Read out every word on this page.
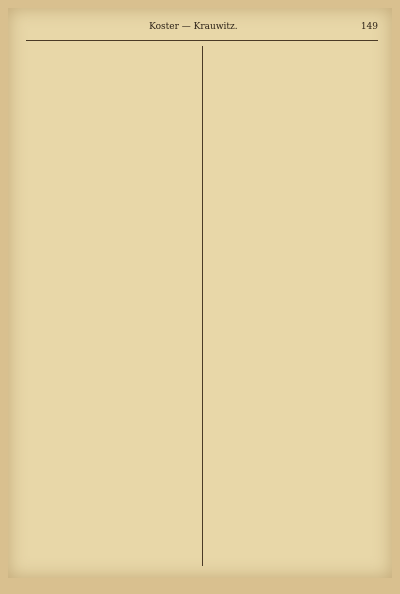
Koster — Krauwitz.	149
